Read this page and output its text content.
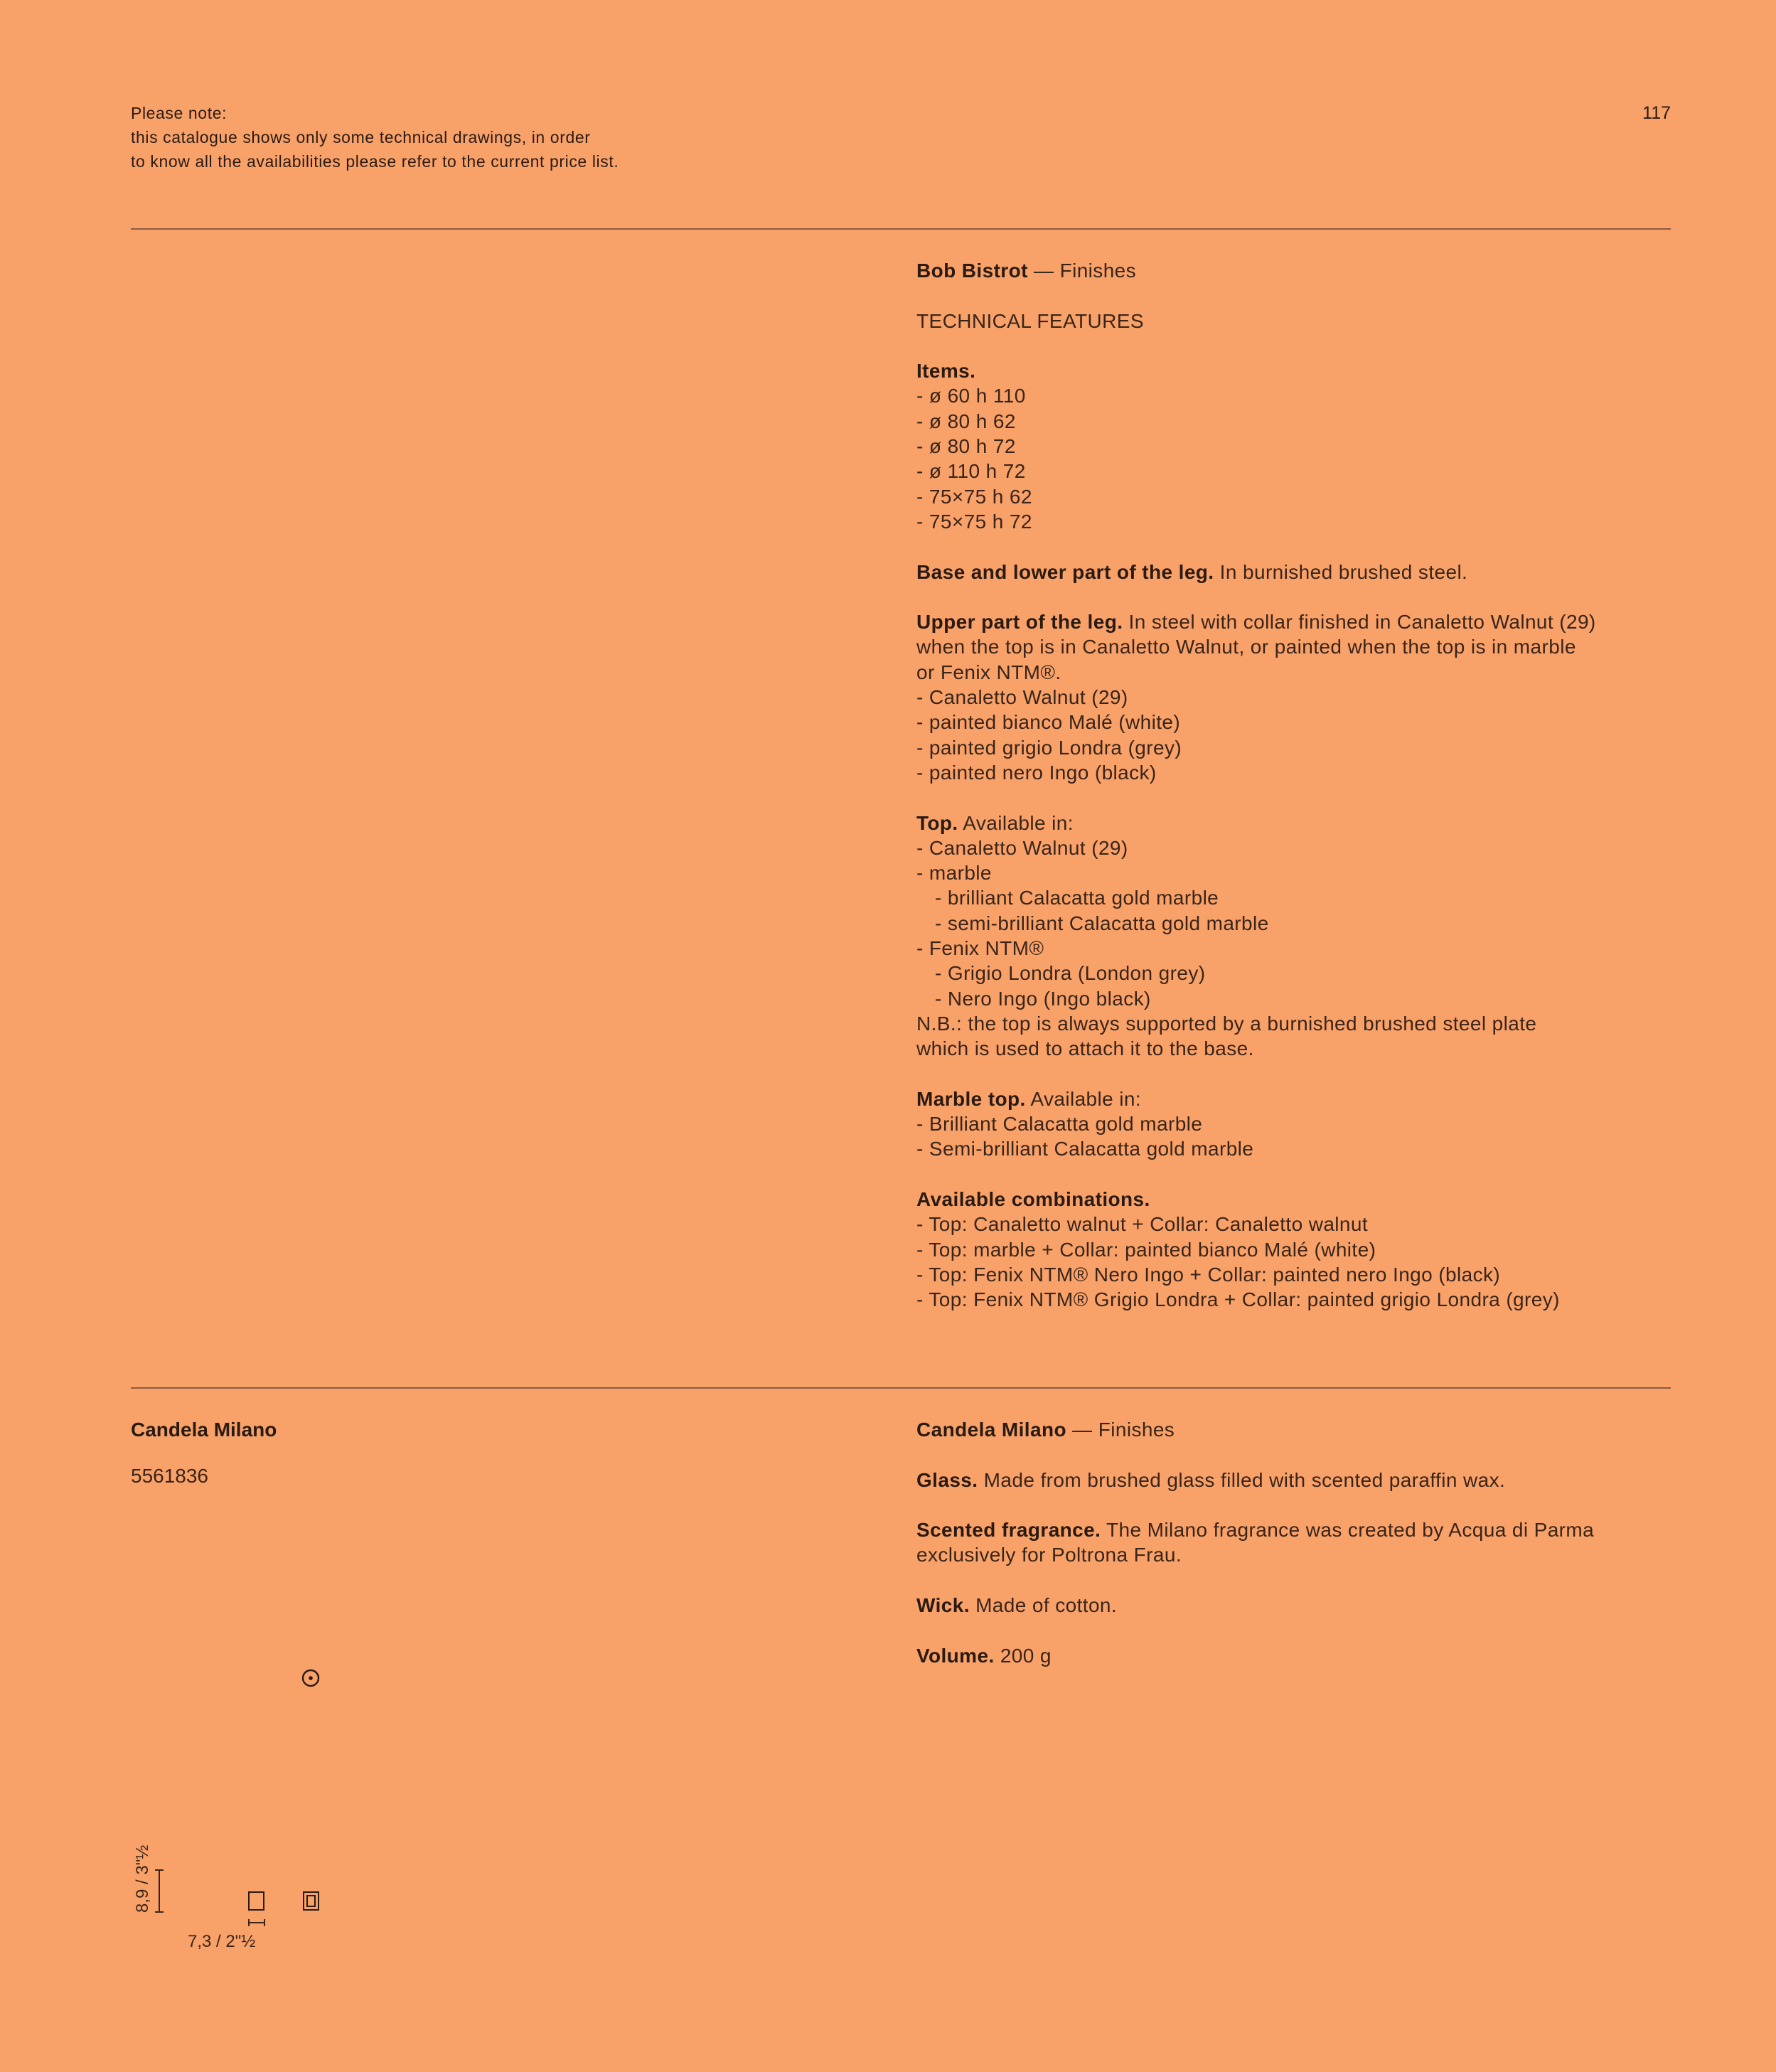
Please note:
this catalogue shows only some technical drawings, in order
to know all the availabilities please refer to the current price list.
117
Bob Bistrot — Finishes
TECHNICAL FEATURES
Items.
- ø 60 h 110
- ø 80 h 62
- ø 80 h 72
- ø 110 h 72
- 75×75 h 62
- 75×75 h 72
Base and lower part of the leg. In burnished brushed steel.
Upper part of the leg. In steel with collar finished in Canaletto Walnut (29)
when the top is in Canaletto Walnut, or painted when the top is in marble
or Fenix NTM®.
- Canaletto Walnut (29)
- painted bianco Malé (white)
- painted grigio Londra (grey)
- painted nero Ingo (black)
Top. Available in:
- Canaletto Walnut (29)
- marble
- brilliant Calacatta gold marble
- semi-brilliant Calacatta gold marble
- Fenix NTM®
- Grigio Londra (London grey)
- Nero Ingo (Ingo black)
N.B.: the top is always supported by a burnished brushed steel plate
which is used to attach it to the base.
Marble top. Available in:
- Brilliant Calacatta gold marble
- Semi-brilliant Calacatta gold marble
Available combinations.
- Top: Canaletto walnut + Collar: Canaletto walnut
- Top: marble + Collar: painted bianco Malé (white)
- Top: Fenix NTM® Nero Ingo + Collar: painted nero Ingo (black)
- Top: Fenix NTM® Grigio Londra + Collar: painted grigio Londra (grey)
Candela Milano
5561836
8,9 / 3"½
7,3 / 2"½
Candela Milano — Finishes
Glass. Made from brushed glass filled with scented paraffin wax.
Scented fragrance. The Milano fragrance was created by Acqua di Parma
exclusively for Poltrona Frau.
Wick. Made of cotton.
Volume. 200 g
